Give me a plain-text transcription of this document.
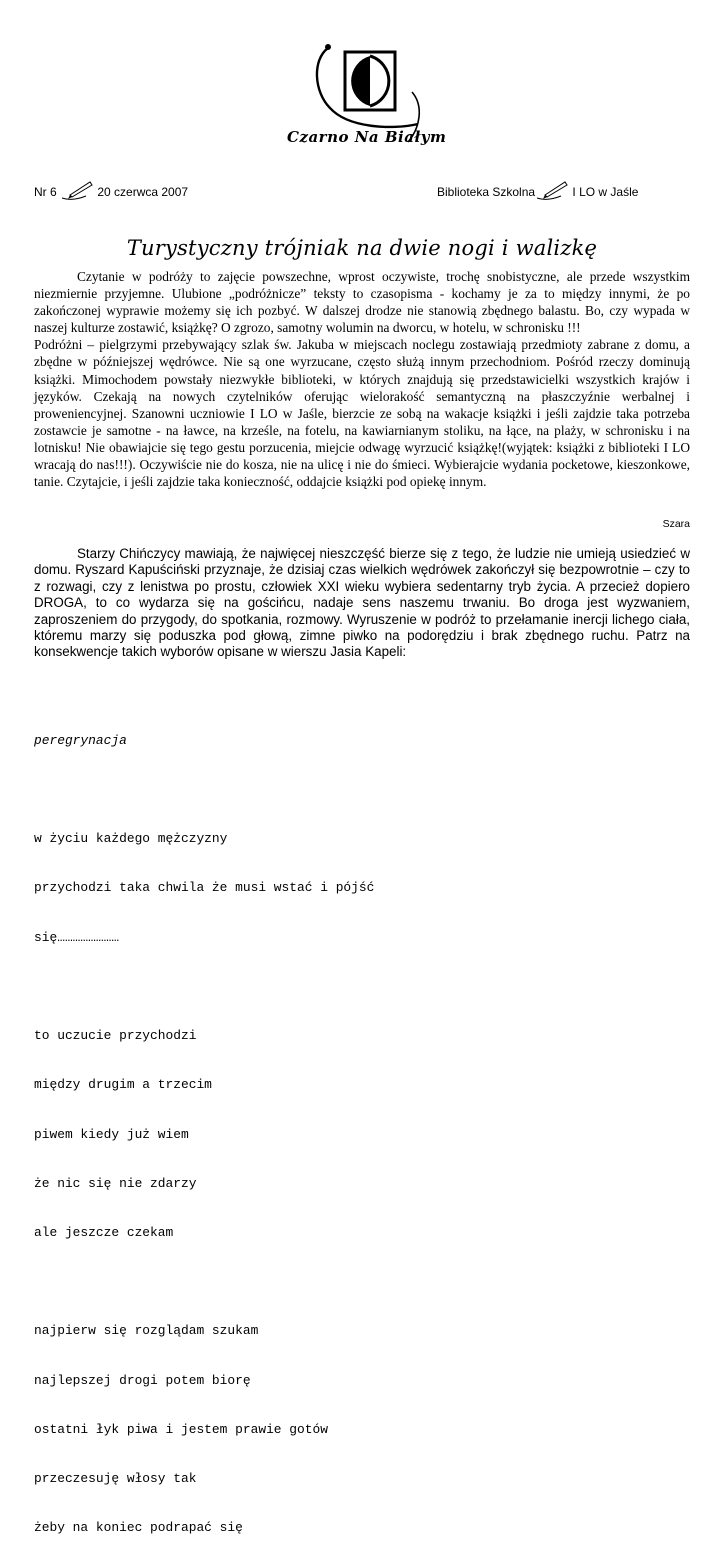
Czarno Na Białym
Nr 6	20 czerwca 2007	Biblioteka Szkolna	I LO w Jaśle
Turystyczny trójniak na dwie nogi i walizkę

Czytanie w podróży to zajęcie powszechne, wprost oczywiste, trochę snobistyczne, ale przede wszystkim niezmiernie przyjemne. Ulubione „podróżnicze” teksty to czasopisma - kochamy je za to między innymi, że po zakończonej wyprawie możemy się ich pozbyć. W dalszej drodze nie stanowią zbędnego balastu. Bo, czy wypada w naszej kulturze zostawić, książkę? O zgrozo, samotny wolumin na dworcu, w hotelu, w schronisku !!!

Podróżni – pielgrzymi przebywający szlak św. Jakuba w miejscach noclegu zostawiają przedmioty zabrane z domu, a zbędne w późniejszej wędrówce. Nie są one wyrzucane, często służą innym przechodniom. Pośród rzeczy dominują książki. Mimochodem powstały niezwykłe biblioteki, w których znajdują się przedstawicielki wszystkich krajów i języków. Czekają na nowych czytelników oferując wielorakość semantyczną na płaszczyźnie werbalnej i proweniencyjnej. Szanowni uczniowie I LO w Jaśle, bierzcie ze sobą na wakacje książki i jeśli zajdzie taka potrzeba zostawcie je samotne - na ławce, na krześle, na fotelu, na kawiarnianym stoliku, na łące, na plaży, w schronisku i na lotnisku! Nie obawiajcie się tego gestu porzucenia, miejcie odwagę wyrzucić książkę!(wyjątek: książki z biblioteki I LO wracają do nas!!!). Oczywiście nie do kosza, nie na ulicę i nie do śmieci. Wybierajcie wydania pocketowe, kieszonkowe, tanie. Czytajcie, i jeśli zajdzie taka konieczność, oddajcie książki pod opiekę innym.

Szara

Starzy Chińczycy mawiają, że najwięcej nieszczęść bierze się z tego, że ludzie nie umieją usiedzieć w domu. Ryszard Kapuściński przyznaje, że dzisiaj czas wielkich wędrówek zakończył się bezpowrotnie – czy to z rozwagi, czy z lenistwa po prostu, człowiek XXI wieku wybiera sedentarny tryb życia. A przecież dopiero DROGA, to co wydarza się na gościńcu, nadaje sens naszemu trwaniu. Bo droga jest wyzwaniem, zaproszeniem do przygody, do spotkania, rozmowy. Wyruszenie w podróż to przełamanie inercji lichego ciała, któremu marzy się poduszka pod głową, zimne piwko na podorędziu i brak zbędnego ruchu. Patrz na konsekwencje takich wyborów opisane w wierszu Jasia Kapeli:

peregrynacja

w życiu każdego mężczyzny

przychodzi taka chwila że musi wstać i pójść

się……………………

to uczucie przychodzi

między drugim a trzecim

piwem kiedy już wiem

że nic się nie zdarzy

ale jeszcze czekam

najpierw się rozglądam szukam

najlepszej drogi potem biorę

ostatni łyk piwa i jestem prawie gotów

przeczesuję włosy tak

żeby na koniec podrapać się
